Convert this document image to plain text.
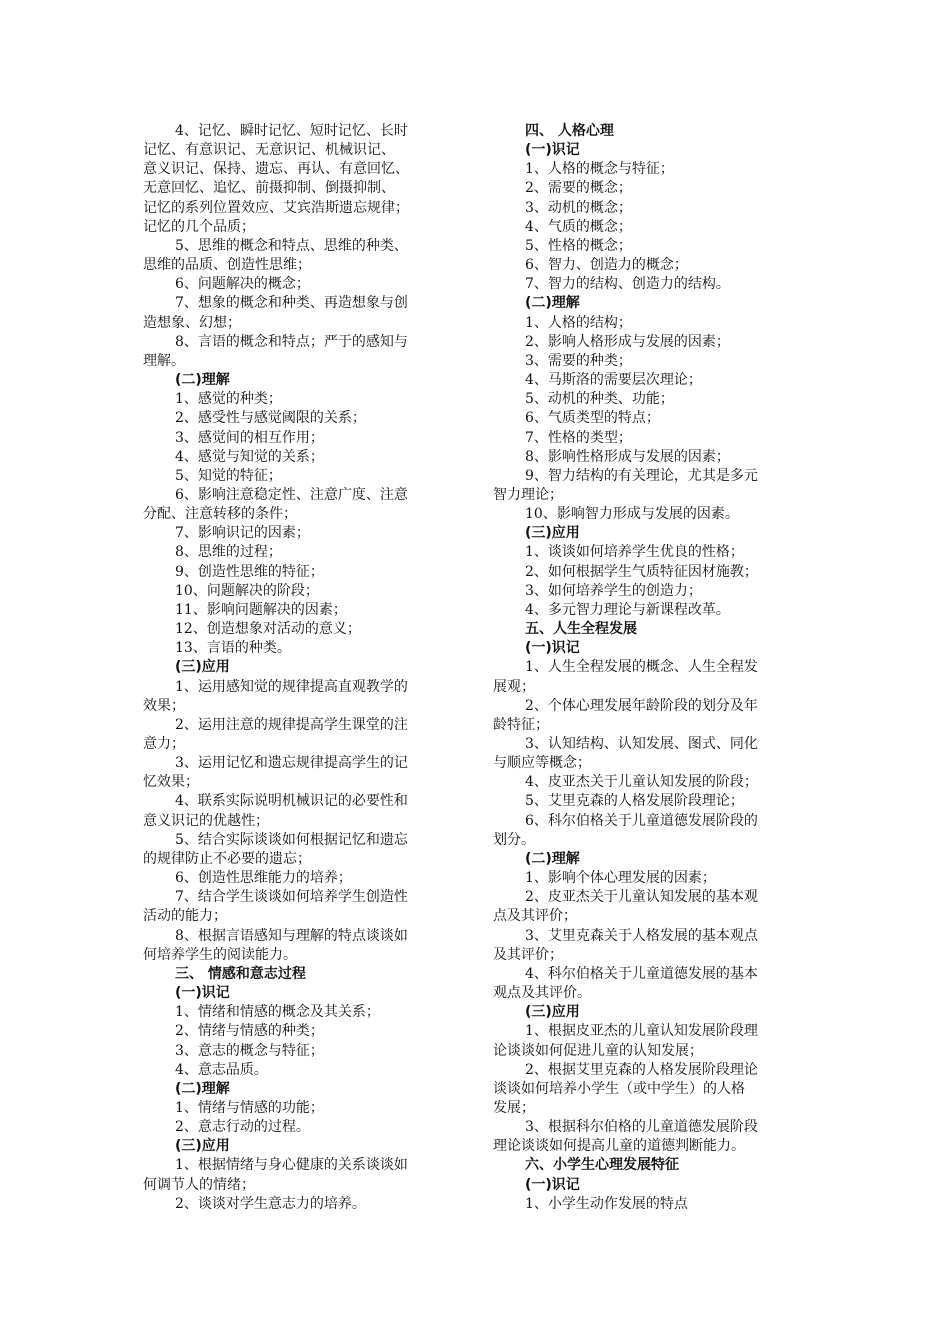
4、记忆、瞬时记忆、短时记忆、长时

记忆、有意识记、无意识记、机械识记、

意义识记、保持、遗忘、再认、有意回忆、

无意回忆、追忆、前摄抑制、倒摄抑制、

记忆的系列位置效应、艾宾浩斯遗忘规律；

记忆的几个品质；

5、思维的概念和特点、思维的种类、

思维的品质、创造性思维；

6、问题解决的概念；

7、想象的概念和种类、再造想象与创

造想象、幻想；

8、言语的概念和特点；严于的感知与

理解。

(二)理解

1、感觉的种类；

2、感受性与感觉阈限的关系；

3、感觉间的相互作用；

4、感觉与知觉的关系；

5、知觉的特征；

6、影响注意稳定性、注意广度、注意

分配、注意转移的条件；

7、影响识记的因素；

8、思维的过程；

9、创造性思维的特征；

10、问题解决的阶段；

11、影响问题解决的因素；

12、创造想象对活动的意义；

13、言语的种类。

(三)应用

1、运用感知觉的规律提高直观教学的

效果；

2、运用注意的规律提高学生课堂的注

意力；

3、运用记忆和遗忘规律提高学生的记

忆效果；

4、联系实际说明机械识记的必要性和

意义识记的优越性；

5、结合实际谈谈如何根据记忆和遗忘

的规律防止不必要的遗忘；

6、创造性思维能力的培养；

7、结合学生谈谈如何培养学生创造性

活动的能力；

8、根据言语感知与理解的特点谈谈如

何培养学生的阅读能力。

三、 情感和意志过程

(一)识记

1、情绪和情感的概念及其关系；

2、情绪与情感的种类；

3、意志的概念与特征；

4、意志品质。

(二)理解

1、情绪与情感的功能；

2、意志行动的过程。

(三)应用

1、根据情绪与身心健康的关系谈谈如

何调节人的情绪；

2、谈谈对学生意志力的培养。

四、 人格心理

(一)识记

1、人格的概念与特征；

2、需要的概念；

3、动机的概念；

4、气质的概念；

5、性格的概念；

6、智力、创造力的概念；

7、智力的结构、创造力的结构。

(二)理解

1、人格的结构；

2、影响人格形成与发展的因素；

3、需要的种类；

4、马斯洛的需要层次理论；

5、动机的种类、功能；

6、气质类型的特点；

7、性格的类型；

8、影响性格形成与发展的因素；

9、智力结构的有关理论，尤其是多元

智力理论；

10、影响智力形成与发展的因素。

(三)应用

1、谈谈如何培养学生优良的性格；

2、如何根据学生气质特征因材施教；

3、如何培养学生的创造力；

4、多元智力理论与新课程改革。

五、人生全程发展

(一)识记

1、人生全程发展的概念、人生全程发

展观；

2、个体心理发展年龄阶段的划分及年

龄特征；

3、认知结构、认知发展、图式、同化

与顺应等概念；

4、皮亚杰关于儿童认知发展的阶段；

5、艾里克森的人格发展阶段理论；

6、科尔伯格关于儿童道德发展阶段的

划分。

(二)理解

1、影响个体心理发展的因素；

2、皮亚杰关于儿童认知发展的基本观

点及其评价；

3、艾里克森关于人格发展的基本观点

及其评价；

4、科尔伯格关于儿童道德发展的基本

观点及其评价。

(三)应用

1、根据皮亚杰的儿童认知发展阶段理

论谈谈如何促进儿童的认知发展；

2、根据艾里克森的人格发展阶段理论

谈谈如何培养小学生（或中学生）的人格

发展；

3、根据科尔伯格的儿童道德发展阶段

理论谈谈如何提高儿童的道德判断能力。

六、小学生心理发展特征

(一)识记

1、小学生动作发展的特点
